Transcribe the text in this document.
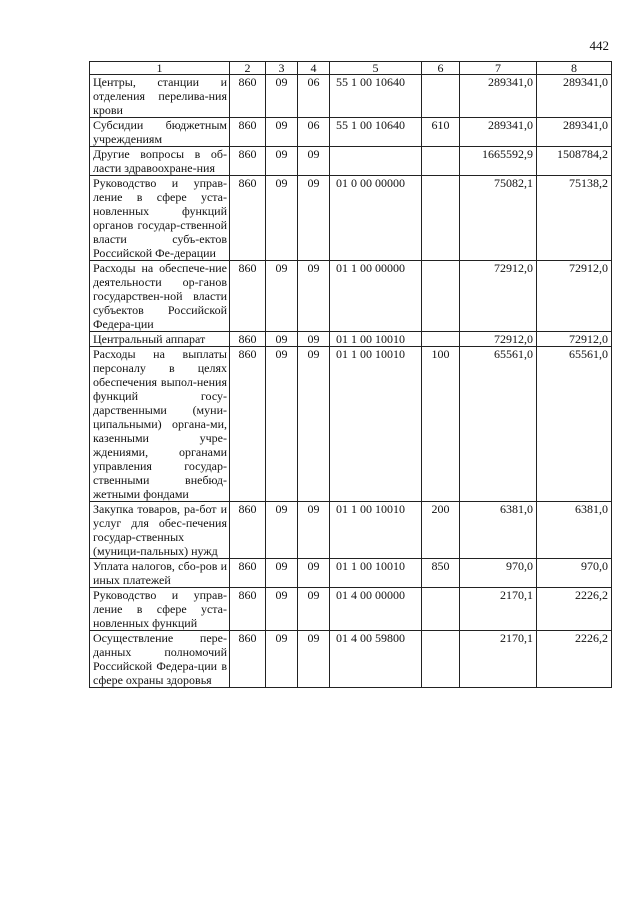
442
1	2	3	4	5	6	7	8
Центры, станции и отделения перелива-ния крови	860	09	06	55 1 00 10640		289341,0	289341,0
Субсидии бюджетным учреждениям	860	09	06	55 1 00 10640	610	289341,0	289341,0
Другие вопросы в об-ласти здравоохране-ния	860	09	09			1665592,9	1508784,2
Руководство и управ-ление в сфере уста-новленных функций органов государ-ственной власти субъ-ектов Российской Фе-дерации	860	09	09	01 0 00 00000		75082,1	75138,2
Расходы на обеспече-ние деятельности ор-ганов государствен-ной власти субъектов Российской Федера-ции	860	09	09	01 1 00 00000		72912,0	72912,0
Центральный аппарат	860	09	09	01 1 00 10010		72912,0	72912,0
Расходы на выплаты персоналу в целях обеспечения выпол-нения функций госу-дарственными (муни-ципальными) органа-ми, казенными учре-ждениями, органами управления государ-ственными внебюд-жетными фондами	860	09	09	01 1 00 10010	100	65561,0	65561,0
Закупка товаров, ра-бот и услуг для обес-печения государ-ственных (муници-пальных) нужд	860	09	09	01 1 00 10010	200	6381,0	6381,0
Уплата налогов, сбо-ров и иных платежей	860	09	09	01 1 00 10010	850	970,0	970,0
Руководство и управ-ление в сфере уста-новленных функций	860	09	09	01 4 00 00000		2170,1	2226,2
Осуществление пере-данных полномочий Российской Федера-ции в сфере охраны здоровья	860	09	09	01 4 00 59800		2170,1	2226,2
